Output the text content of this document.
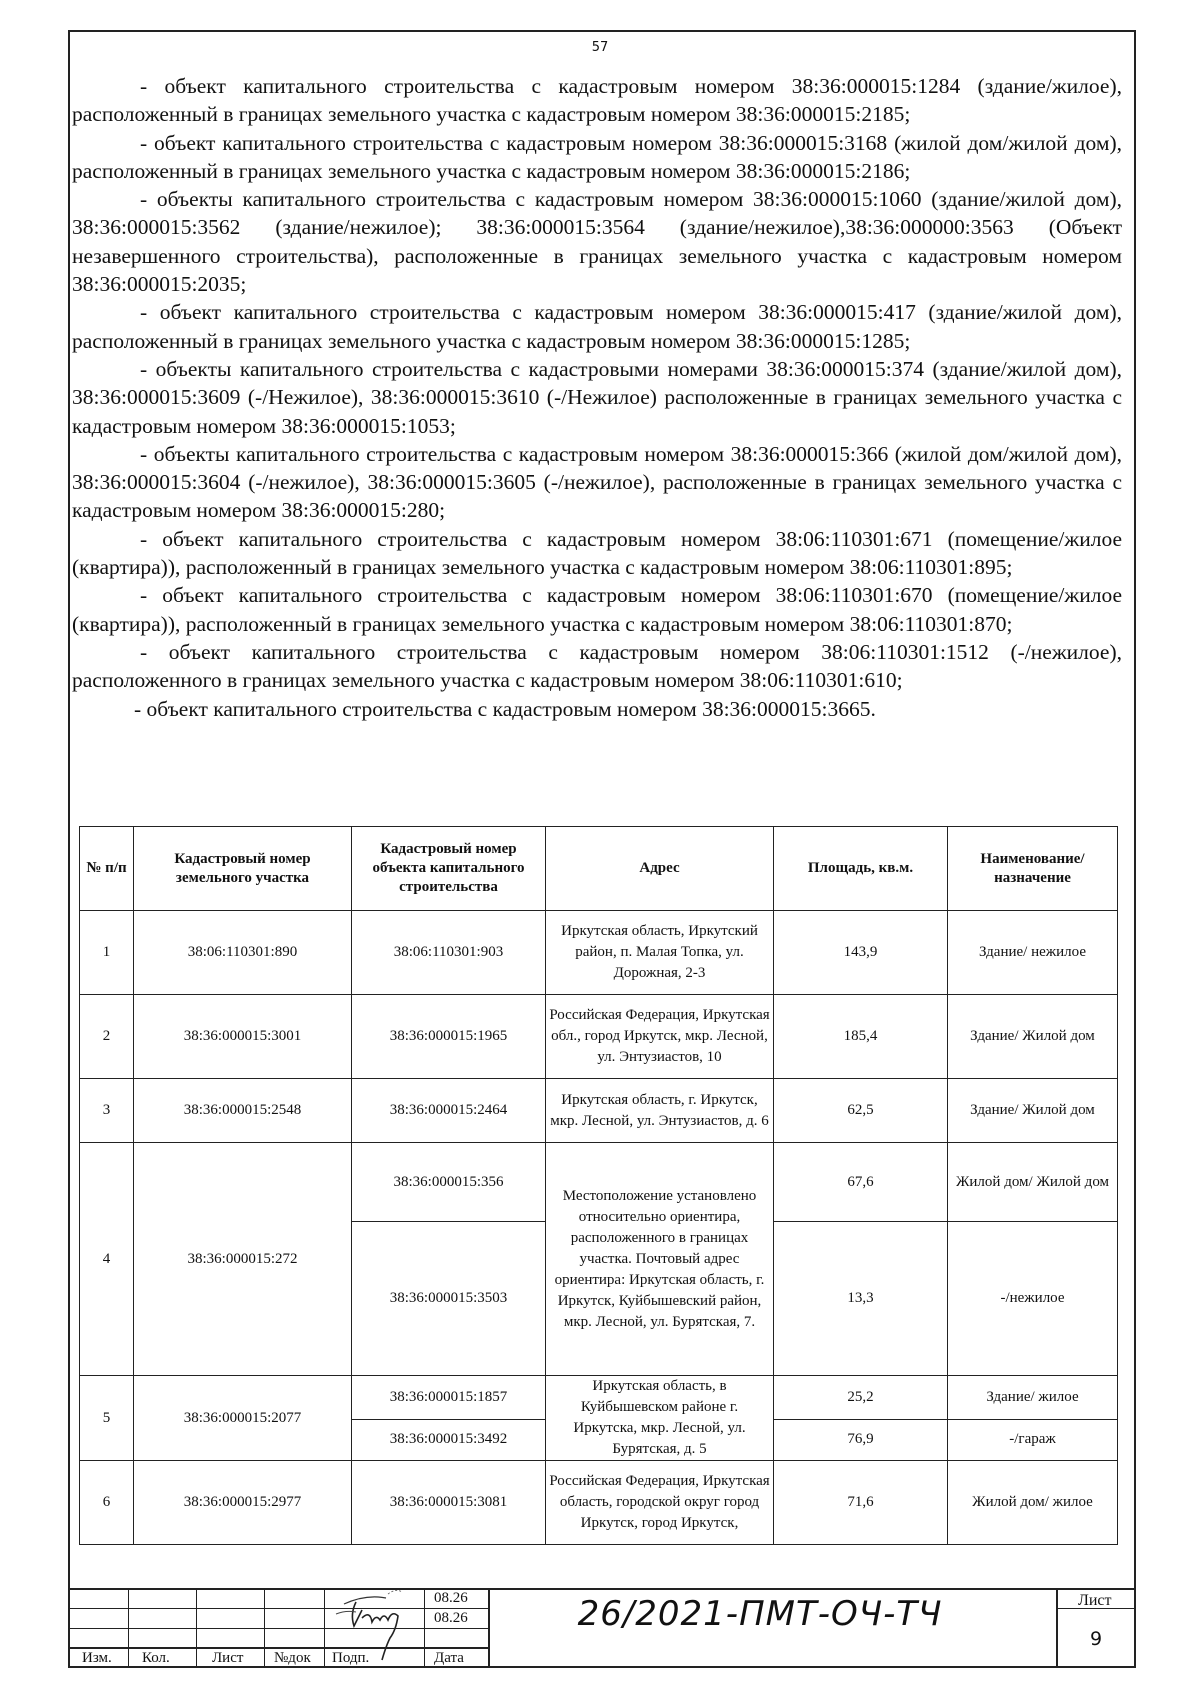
57

- объект капитального строительства с кадастровым номером 38:36:000015:1284 (здание/жилое), расположенный в границах земельного участка с кадастровым номером 38:36:000015:2185;

- объект капитального строительства с кадастровым номером 38:36:000015:3168 (жилой дом/жилой дом), расположенный в границах земельного участка с кадастровым номером 38:36:000015:2186;

- объекты капитального строительства с кадастровым номером 38:36:000015:1060 (здание/жилой дом), 38:36:000015:3562 (здание/нежилое); 38:36:000015:3564 (здание/нежилое),38:36:000000:3563 (Объект незавершенного строительства), расположенные в границах земельного участка с кадастровым номером 38:36:000015:2035;

- объект капитального строительства с кадастровым номером 38:36:000015:417 (здание/жилой дом), расположенный в границах земельного участка с кадастровым номером 38:36:000015:1285;

- объекты капитального строительства с кадастровыми номерами 38:36:000015:374 (здание/жилой дом), 38:36:000015:3609 (-/Нежилое), 38:36:000015:3610 (-/Нежилое) расположенные в границах земельного участка с кадастровым номером 38:36:000015:1053;

- объекты капитального строительства с кадастровым номером 38:36:000015:366 (жилой дом/жилой дом), 38:36:000015:3604 (-/нежилое), 38:36:000015:3605 (-/нежилое), расположенные в границах земельного участка с кадастровым номером 38:36:000015:280;

- объект капитального строительства с кадастровым номером 38:06:110301:671 (помещение/жилое (квартира)), расположенный в границах земельного участка с кадастровым номером 38:06:110301:895;

- объект капитального строительства с кадастровым номером 38:06:110301:670 (помещение/жилое (квартира)), расположенный в границах земельного участка с кадастровым номером 38:06:110301:870;

- объект капитального строительства с кадастровым номером 38:06:110301:1512 (-/нежилое), расположенного в границах земельного участка с кадастровым номером 38:06:110301:610;

- объект капитального строительства с кадастровым номером 38:36:000015:3665.

№ п/п	Кадастровый номер земельного участка	Кадастровый номер объекта капитального строительства	Адрес	Площадь, кв.м.	Наименование/ назначение
1	38:06:110301:890	38:06:110301:903	Иркутская область, Иркутский район, п. Малая Топка, ул. Дорожная, 2-3	143,9	Здание/ нежилое
2	38:36:000015:3001	38:36:000015:1965	Российская Федерация, Иркутская обл., город Иркутск, мкр. Лесной, ул. Энтузиастов, 10	185,4	Здание/ Жилой дом
3	38:36:000015:2548	38:36:000015:2464	Иркутская область, г. Иркутск, мкр. Лесной, ул. Энтузиастов, д. 6	62,5	Здание/ Жилой дом
4	38:36:000015:272	38:36:000015:356	Местоположение установлено относительно ориентира, расположенного в границах участка. Почтовый адрес ориентира: Иркутская область, г. Иркутск, Куйбышевский район, мкр. Лесной, ул. Бурятская, 7.	67,6	Жилой дом/ Жилой дом
		38:36:000015:3503		13,3	-/нежилое
5	38:36:000015:2077	38:36:000015:1857	Иркутская область, в Куйбышевском районе г. Иркутска, мкр. Лесной, ул. Бурятская, д. 5	25,2	Здание/ жилое
		38:36:000015:3492		76,9	-/гараж
6	38:36:000015:2977	38:36:000015:3081	Российская Федерация, Иркутская область, городской округ город Иркутск, город Иркутск,	71,6	Жилой дом/ жилое
Изм. Кол.	Лист №док Подп.	Дата
08.26
08.26	26/2021-ПМТ-ОЧ-ТЧ	Лист
9
